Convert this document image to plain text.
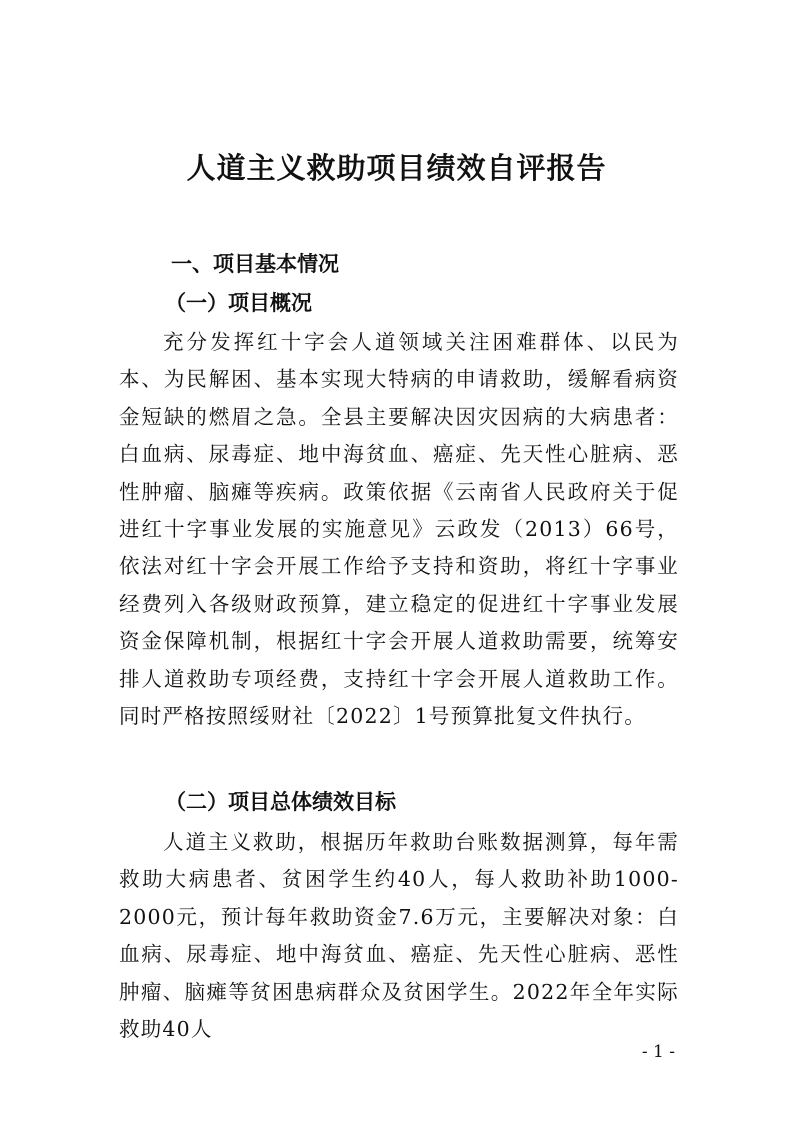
人道主义救助项目绩效自评报告
一、项目基本情况
（一）项目概况

充分发挥红十字会人道领域关注困难群体、以民为本、为民解困、基本实现大特病的申请救助，缓解看病资金短缺的燃眉之急。全县主要解决因灾因病的大病患者：白血病、尿毒症、地中海贫血、癌症、先天性心脏病、恶性肿瘤、脑瘫等疾病。政策依据《云南省人民政府关于促进红十字事业发展的实施意见》云政发（2013）66号，依法对红十字会开展工作给予支持和资助，将红十字事业经费列入各级财政预算，建立稳定的促进红十字事业发展资金保障机制，根据红十字会开展人道救助需要，统筹安排人道救助专项经费，支持红十字会开展人道救助工作。同时严格按照绥财社〔2022〕1号预算批复文件执行。

（二）项目总体绩效目标

人道主义救助，根据历年救助台账数据测算，每年需救助大病患者、贫困学生约40人，每人救助补助1000-2000元，预计每年救助资金7.6万元，主要解决对象：白血病、尿毒症、地中海贫血、癌症、先天性心脏病、恶性肿瘤、脑瘫等贫困患病群众及贫困学生。2022年全年实际救助40人

- 1 -
